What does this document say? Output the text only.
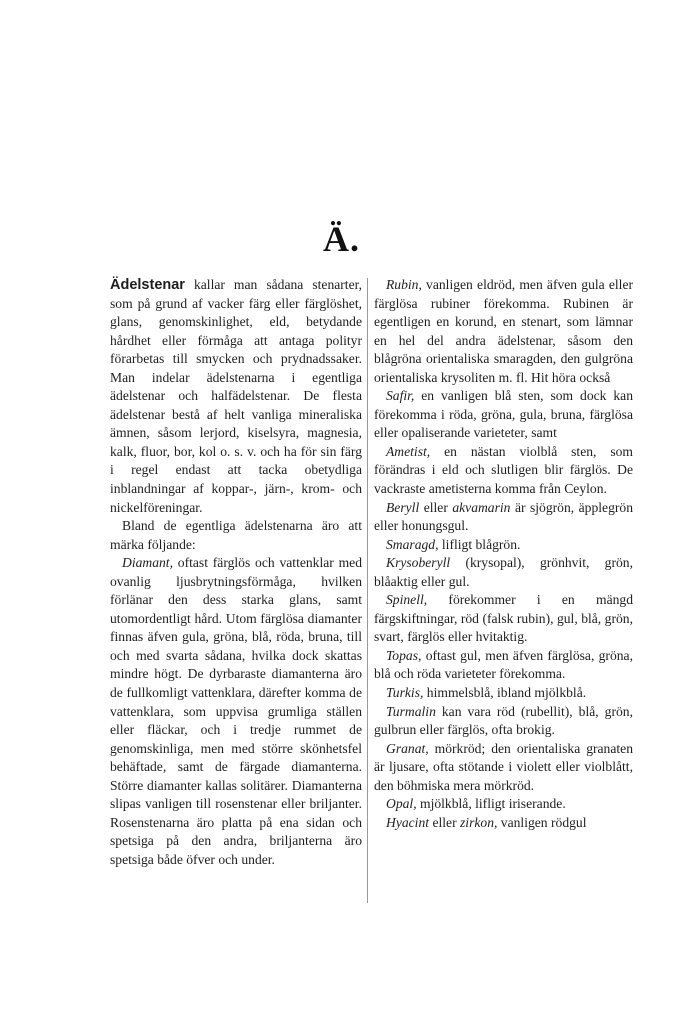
Ä.

Ädelstenar kallar man sådana stenarter, som på grund af vacker färg eller färglöshet, glans, genomskinlighet, eld, betydande hårdhet eller förmåga att antaga polityr förarbetas till smycken och prydnadssaker. Man indelar ädelstenarna i egentliga ädelstenar och halfädelstenar. De flesta ädelstenar bestå af helt vanliga mineraliska ämnen, såsom lerjord, kiselsyra, magnesia, kalk, fluor, bor, kol o. s. v. och ha för sin färg i regel endast att tacka obetydliga inblandningar af koppar-, järn-, krom- och nickelföreningar.

Bland de egentliga ädelstenarna äro att märka följande:

Diamant, oftast färglös och vattenklar med ovanlig ljusbrytningsförmåga, hvilken förlänar den dess starka glans, samt utomordentligt hård. Utom färglösa diamanter finnas äfven gula, gröna, blå, röda, bruna, till och med svarta sådana, hvilka dock skattas mindre högt. De dyrbaraste diamanterna äro de fullkomligt vattenklara, därefter komma de vattenklara, som uppvisa grumliga ställen eller fläckar, och i tredje rummet de genomskinliga, men med större skönhetsfel behäftade, samt de färgade diamanterna. Större diamanter kallas solitärer. Diamanterna slipas vanligen till rosenstenar eller briljanter. Rosenstenarna äro platta på ena sidan och spetsiga på den andra, briljanterna äro spetsiga både öfver och under.

Rubin, vanligen eldröd, men äfven gula eller färglösa rubiner förekomma. Rubinen är egentligen en korund, en stenart, som lämnar en hel del andra ädelstenar, såsom den blågröna orientaliska smaragden, den gulgröna orientaliska krysoliten m. fl. Hit höra också

Safir, en vanligen blå sten, som dock kan förekomma i röda, gröna, gula, bruna, färglösa eller opaliserande varieteter, samt

Ametist, en nästan violblå sten, som förändras i eld och slutligen blir färglös. De vackraste ametisterna komma från Ceylon.

Beryll eller akvamarin är sjögrön, äpplegrön eller honungsgul.

Smaragd, lifligt blågrön.

Krysoberyll (krysopal), grönhvit, grön, blåaktig eller gul.

Spinell, förekommer i en mängd färgskiftningar, röd (falsk rubin), gul, blå, grön, svart, färglös eller hvitaktig.

Topas, oftast gul, men äfven färglösa, gröna, blå och röda varieteter förekomma.

Turkis, himmelsblå, ibland mjölkblå.

Turmalin kan vara röd (rubellit), blå, grön, gulbrun eller färglös, ofta brokig.

Granat, mörkröd; den orientaliska granaten är ljusare, ofta stötande i violett eller violblått, den böhmiska mera mörkröd.

Opal, mjölkblå, lifligt iriserande.

Hyacint eller zirkon, vanligen rödgul
